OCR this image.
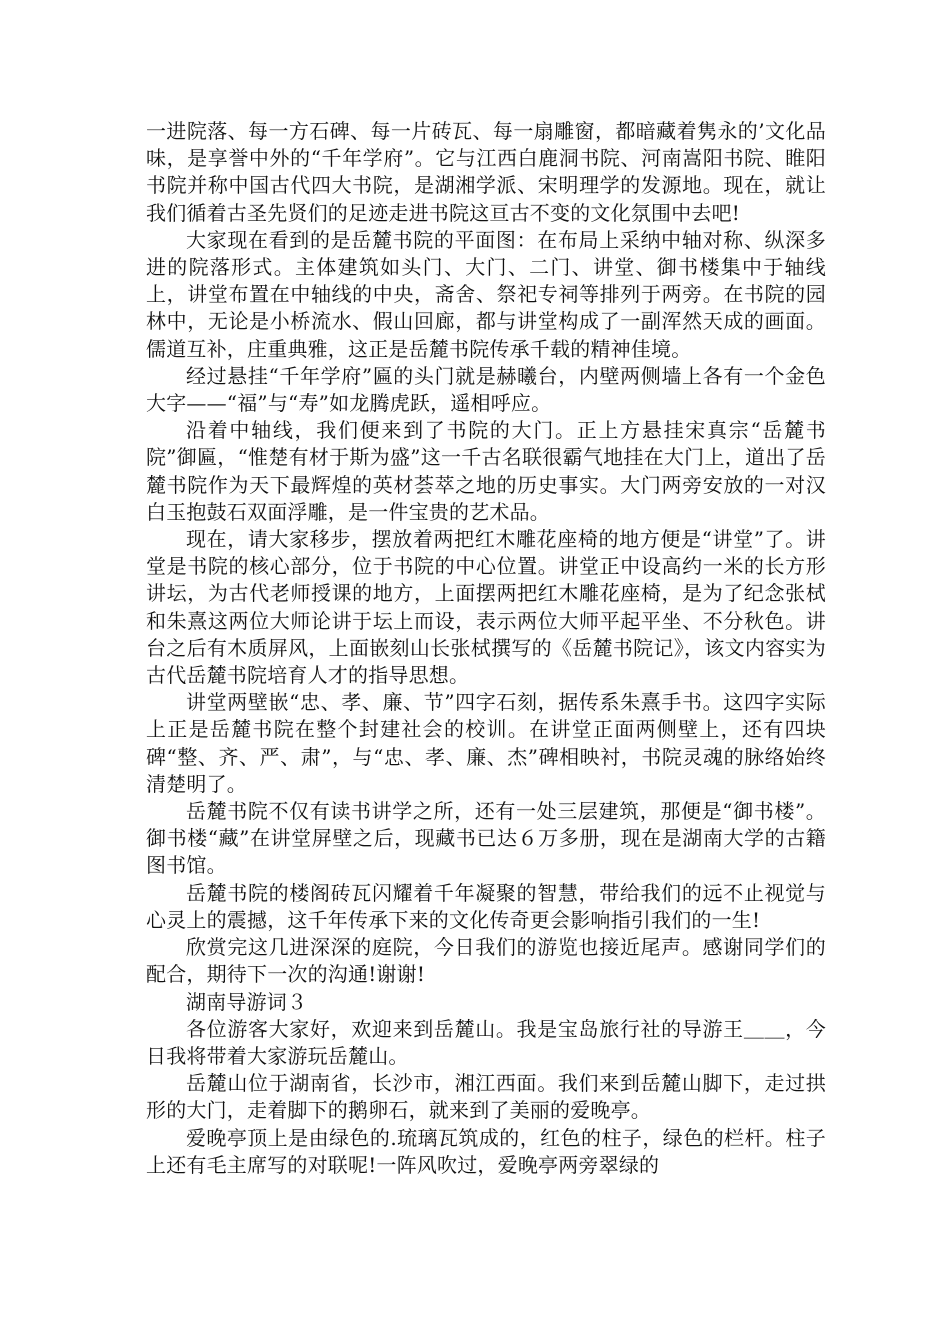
一进院落、每一方石碑、每一片砖瓦、每一扇雕窗，都暗藏着隽永的’文化品味，是享誉中外的“千年学府”。它与江西白鹿洞书院、河南嵩阳书院、睢阳书院并称中国古代四大书院，是湖湘学派、宋明理学的发源地。现在，就让我们循着古圣先贤们的足迹走进书院这亘古不变的文化氛围中去吧!

大家现在看到的是岳麓书院的平面图：在布局上采纳中轴对称、纵深多进的院落形式。主体建筑如头门、大门、二门、讲堂、御书楼集中于轴线上，讲堂布置在中轴线的中央，斋舍、祭祀专祠等排列于两旁。在书院的园林中，无论是小桥流水、假山回廊，都与讲堂构成了一副浑然天成的画面。儒道互补，庄重典雅，这正是岳麓书院传承千载的精神佳境。

经过悬挂“千年学府”匾的头门就是赫曦台，内壁两侧墙上各有一个金色大字——“福”与“寿”如龙腾虎跃，遥相呼应。

沿着中轴线，我们便来到了书院的大门。正上方悬挂宋真宗“岳麓书院”御匾，“惟楚有材于斯为盛”这一千古名联很霸气地挂在大门上，道出了岳麓书院作为天下最辉煌的英材荟萃之地的历史事实。大门两旁安放的一对汉白玉抱鼓石双面浮雕，是一件宝贵的艺术品。

现在，请大家移步，摆放着两把红木雕花座椅的地方便是“讲堂”了。讲堂是书院的核心部分，位于书院的中心位置。讲堂正中设高约一米的长方形讲坛，为古代老师授课的地方，上面摆两把红木雕花座椅，是为了纪念张栻和朱熹这两位大师论讲于坛上而设，表示两位大师平起平坐、不分秋色。讲台之后有木质屏风，上面嵌刻山长张栻撰写的《岳麓书院记》，该文内容实为古代岳麓书院培育人才的指导思想。

讲堂两壁嵌“忠、孝、廉、节”四字石刻，据传系朱熹手书。这四字实际上正是岳麓书院在整个封建社会的校训。在讲堂正面两侧壁上，还有四块碑“整、齐、严、肃”，与“忠、孝、廉、杰”碑相映衬，书院灵魂的脉络始终清楚明了。

岳麓书院不仅有读书讲学之所，还有一处三层建筑，那便是“御书楼”。御书楼“藏”在讲堂屏壁之后，现藏书已达６万多册，现在是湖南大学的古籍图书馆。

岳麓书院的楼阁砖瓦闪耀着千年凝聚的智慧，带给我们的远不止视觉与心灵上的震撼，这千年传承下来的文化传奇更会影响指引我们的一生!

欣赏完这几进深深的庭院，今日我们的游览也接近尾声。感谢同学们的配合，期待下一次的沟通!谢谢!

湖南导游词３

各位游客大家好，欢迎来到岳麓山。我是宝岛旅行社的导游王＿＿，今日我将带着大家游玩岳麓山。

岳麓山位于湖南省，长沙市，湘江西面。我们来到岳麓山脚下，走过拱形的大门，走着脚下的鹅卵石，就来到了美丽的爱晚亭。

爱晚亭顶上是由绿色的.琉璃瓦筑成的，红色的柱子，绿色的栏杆。柱子上还有毛主席写的对联呢!一阵风吹过，爱晚亭两旁翠绿的
